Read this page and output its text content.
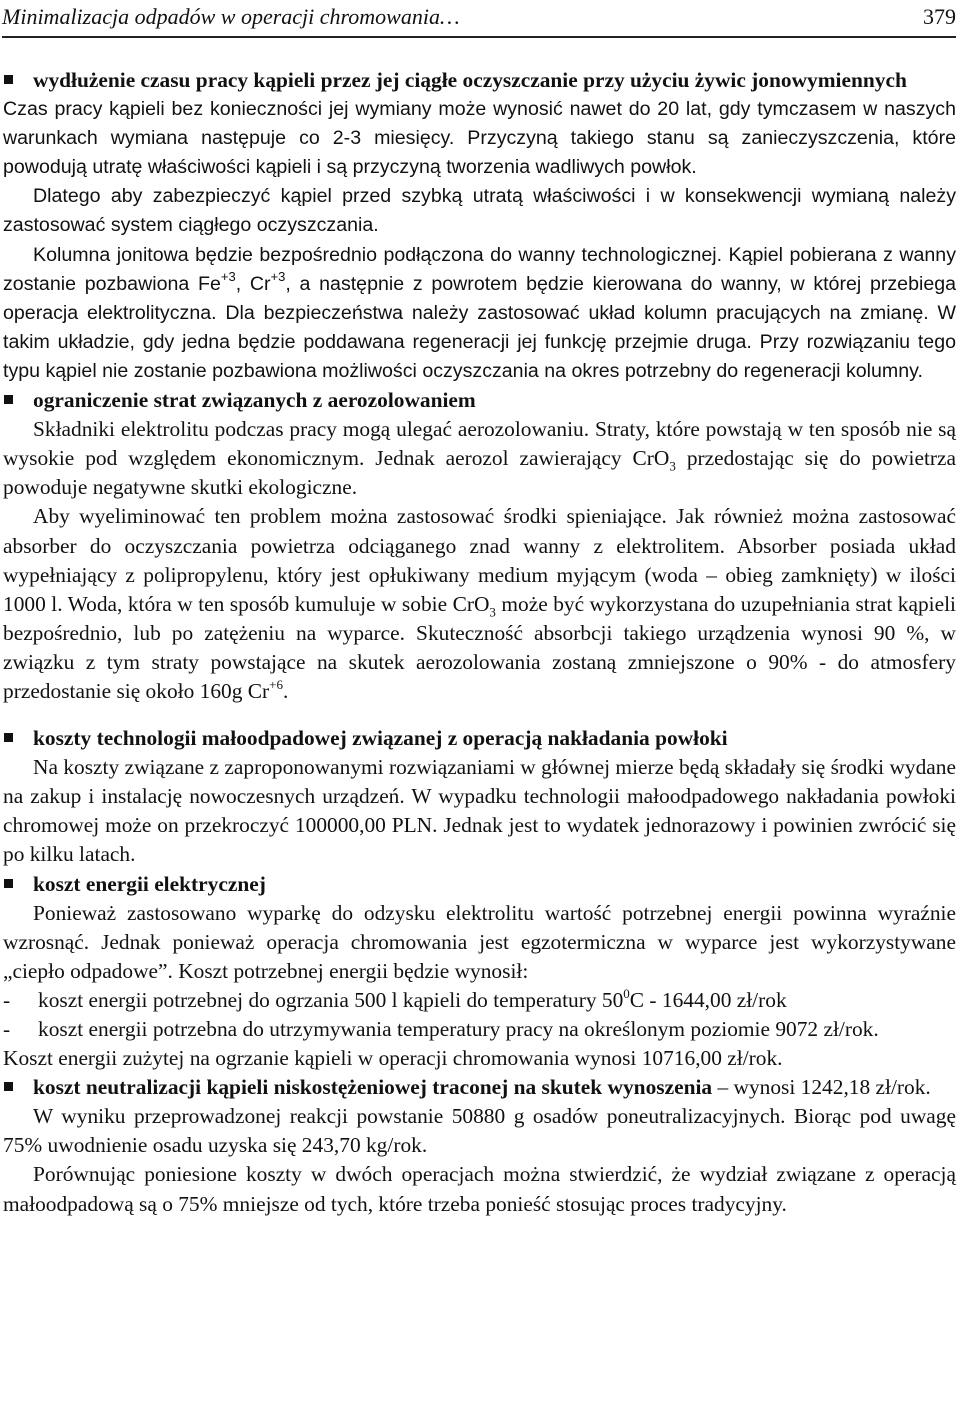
Minimalizacja odpadów w operacji chromowania…	379

wydłużenie czasu pracy kąpieli przez jej ciągłe oczyszczanie przy użyciu żywic jonowymiennych

Czas pracy kąpieli bez konieczności jej wymiany może wynosić nawet do 20 lat, gdy tymczasem w naszych warunkach wymiana następuje co 2-3 miesięcy. Przyczyną takiego stanu są zanieczyszczenia, które powodują utratę właściwości kąpieli i są przyczyną tworzenia wadliwych powłok.

Dlatego aby zabezpieczyć kąpiel przed szybką utratą właściwości i w konsekwencji wymianą należy zastosować system ciągłego oczyszczania.

Kolumna jonitowa będzie bezpośrednio podłączona do wanny technologicznej. Kąpiel pobierana z wanny zostanie pozbawiona $Fe^{+3}$, $Cr^{+3}$, a następnie z powrotem będzie kierowana do wanny, w której przebiega operacja elektrolityczna. Dla bezpieczeństwa należy zastosować układ kolumn pracujących na zmianę. W takim układzie, gdy jedna będzie poddawana regeneracji jej funkcję przejmie druga. Przy rozwiązaniu tego typu kąpiel nie zostanie pozbawiona możliwości oczyszczania na okres potrzebny do regeneracji kolumny.

ograniczenie strat związanych z aerozolowaniem

Składniki elektrolitu podczas pracy mogą ulegać aerozolowaniu. Straty, które powstają w ten sposób nie są wysokie pod względem ekonomicznym. Jednak aerozol zawierający CrO$_3$ przedostając się do powietrza powoduje negatywne skutki ekologiczne.

Aby wyeliminować ten problem można zastosować środki spieniające. Jak również można zastosować absorber do oczyszczania powietrza odciąganego znad wanny z elektrolitem. Absorber posiada układ wypełniający z polipropylenu, który jest opłukiwany medium myjącym (woda – obieg zamknięty) w ilości 1000 l. Woda, która w ten sposób kumuluje w sobie CrO$_3$ może być wykorzystana do uzupełniania strat kąpieli bezpośrednio, lub po zatężeniu na wyparce. Skuteczność absorbcji takiego urządzenia wynosi 90 %, w związku z tym straty powstające na skutek aerozolowania zostaną zmniejszone o 90% - do atmosfery przedostanie się około 160g $Cr^{+6}$.

koszty technologii małoodpadowej związanej z operacją nakładania powłoki

Na koszty związane z zaproponowanymi rozwiązaniami w głównej mierze będą składały się środki wydane na zakup i instalację nowoczesnych urządzeń. W wypadku technologii małoodpadowego nakładania powłoki chromowej może on przekroczyć 100000,00 PLN. Jednak jest to wydatek jednorazowy i powinien zwrócić się po kilku latach.

koszt energii elektrycznej

Ponieważ zastosowano wyparkę do odzysku elektrolitu wartość potrzebnej energii powinna wyraźnie wzrosnąć. Jednak ponieważ operacja chromowania jest egzotermiczna w wyparce jest wykorzystywane „ciepło odpadowe”. Koszt potrzebnej energii będzie wynosił:

- koszt energii potrzebnej do ogrzania 500 l kąpieli do temperatury $50^0C - 1644,00$ zł/rok

- koszt energii potrzebna do utrzymywania temperatury pracy na określonym poziomie 9072 zł/rok.

Koszt energii zużytej na ogrzanie kąpieli w operacji chromowania wynosi 10716,00 zł/rok.

koszt neutralizacji kąpieli niskostężeniowej traconej na skutek wynoszenia – wynosi 1242,18 zł/rok.

W wyniku przeprowadzonej reakcji powstanie 50880 g osadów poneutralizacyjnych. Biorąc pod uwagę 75% uwodnienie osadu uzyska się 243,70 kg/rok.

Porównując poniesione koszty w dwóch operacjach można stwierdzić, że wydział związane z operacją małoodpadową są o 75% mniejsze od tych, które trzeba ponieść stosując proces tradycyjny.
